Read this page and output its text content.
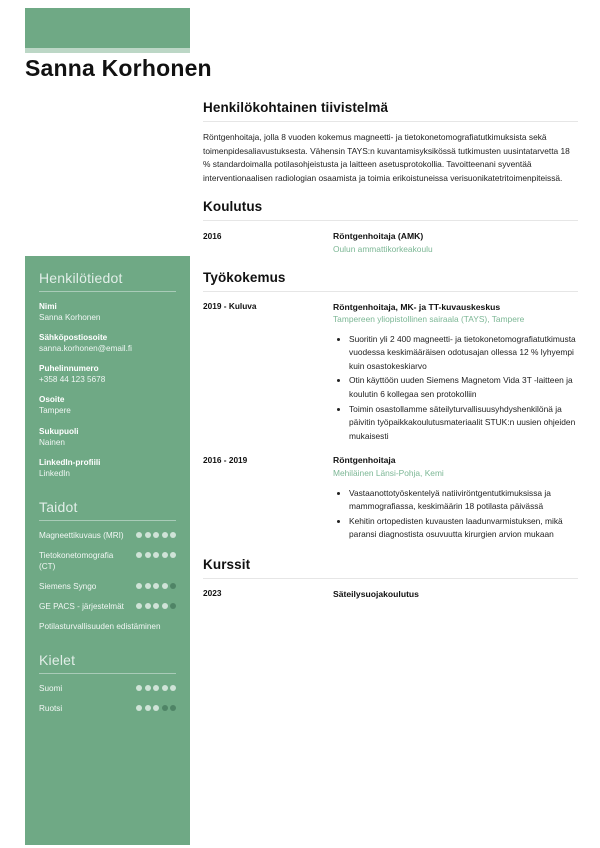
Sanna Korhonen
Henkilötiedot
Nimi
Sanna Korhonen
Sähköpostiosoite
sanna.korhonen@email.fi
Puhelinnumero
+358 44 123 5678
Osoite
Tampere
Sukupuoli
Nainen
LinkedIn-profiili
LinkedIn
Taidot
Magneettikuvaus (MRI)
Tietokonetomografia (CT)
Siemens Syngo
GE PACS - järjestelmät
Potilasturvallisuuden edistäminen
Kielet
Suomi
Ruotsi
Henkilökohtainen tiivistelmä

Röntgenhoitaja, jolla 8 vuoden kokemus magneetti- ja tietokonetomografiatutkimuksista sekä toimenpidesaliavustuksesta. Vähensin TAYS:n kuvantamisyksikössä tutkimusten uusintatarvetta 18 % standardoimalla potilasohjeistusta ja laitteen asetusprotokollia. Tavoitteenani syventää interventionaalisen radiologian osaamista ja toimia erikoistuneissa verisuonikatetritoimenpiteissä.

Koulutus
2016	Röntgenhoitaja (AMK)
Oulun ammattikorkeakoulu
Työkokemus
2019 - Kuluva	Röntgenhoitaja, MK- ja TT-kuvauskeskus
Tampereen yliopistollinen sairaala (TAYS), Tampere
• Suoritin yli 2 400 magneetti- ja tietokonetomografiatutkimusta vuodessa keskimääräisen odotusajan ollessa 12 % lyhyempi kuin osastokeskiarvo
• Otin käyttöön uuden Siemens Magnetom Vida 3T -laitteen ja koulutin 6 kollegaa sen protokolliin
• Toimin osastollamme säteilyturvallisuusyhdyshenkilönä ja päivitin työpaikkakoulutusmateriaalit STUK:n uusien ohjeiden mukaisesti
2016 - 2019	Röntgenhoitaja
Mehiläinen Länsi-Pohja, Kemi
• Vastaanottotyöskentelyä natiiviröntgentutkimuksissa ja mammografiassa, keskimäärin 18 potilasta päivässä
• Kehitin ortopedisten kuvausten laadunvarmistuksen, mikä paransi diagnostista osuvuutta kirurgien arvion mukaan
Kurssit
2023	Säteilysuojakoulutus
